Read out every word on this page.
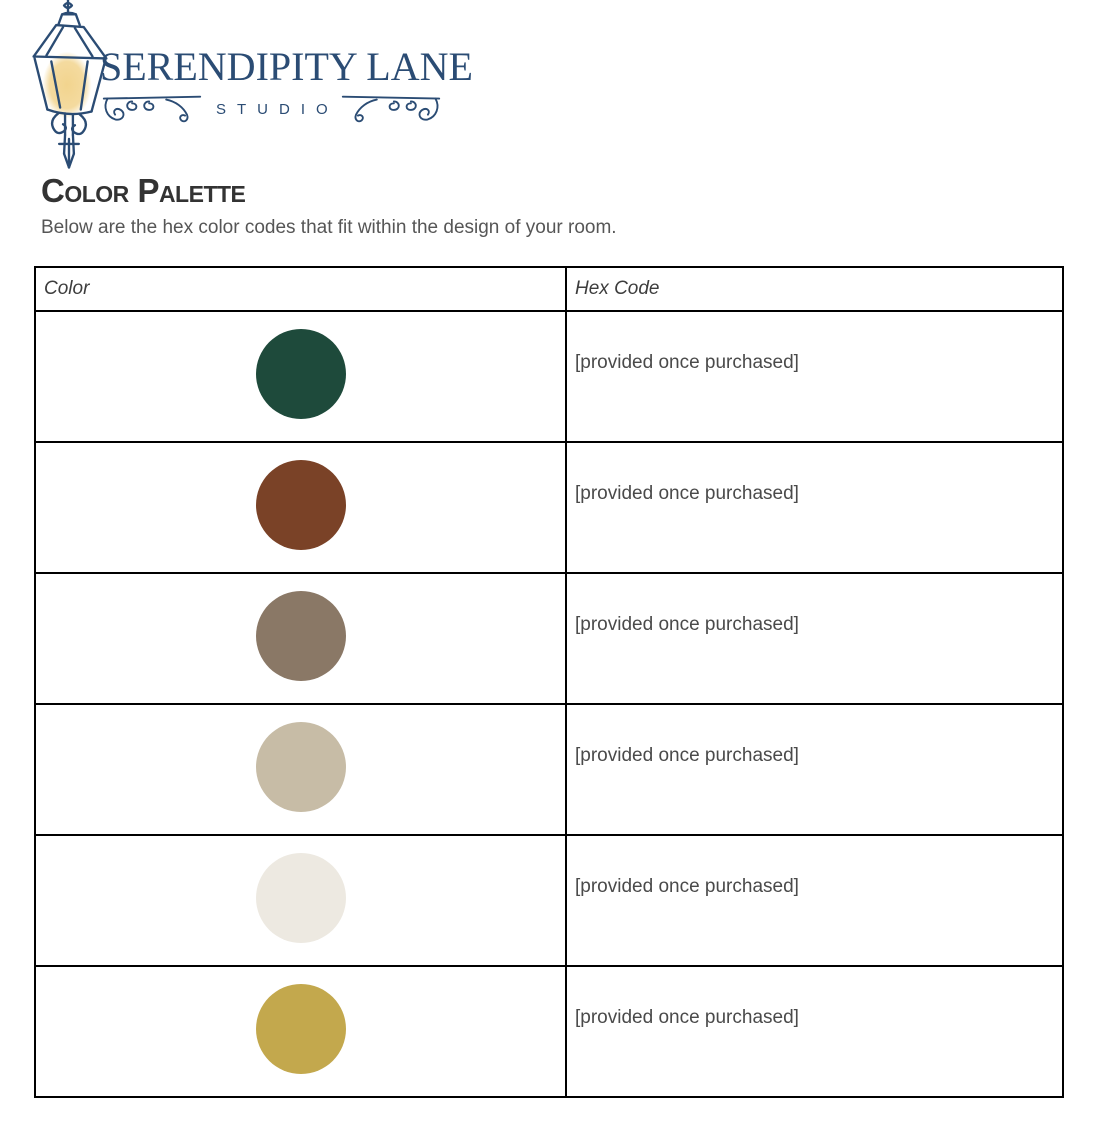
SERENDIPITY LANE
STUDIO
Color Palette

Below are the hex color codes that fit within the design of your room.

Color	Hex Code
	[provided once purchased]
	[provided once purchased]
	[provided once purchased]
	[provided once purchased]
	[provided once purchased]
	[provided once purchased]
